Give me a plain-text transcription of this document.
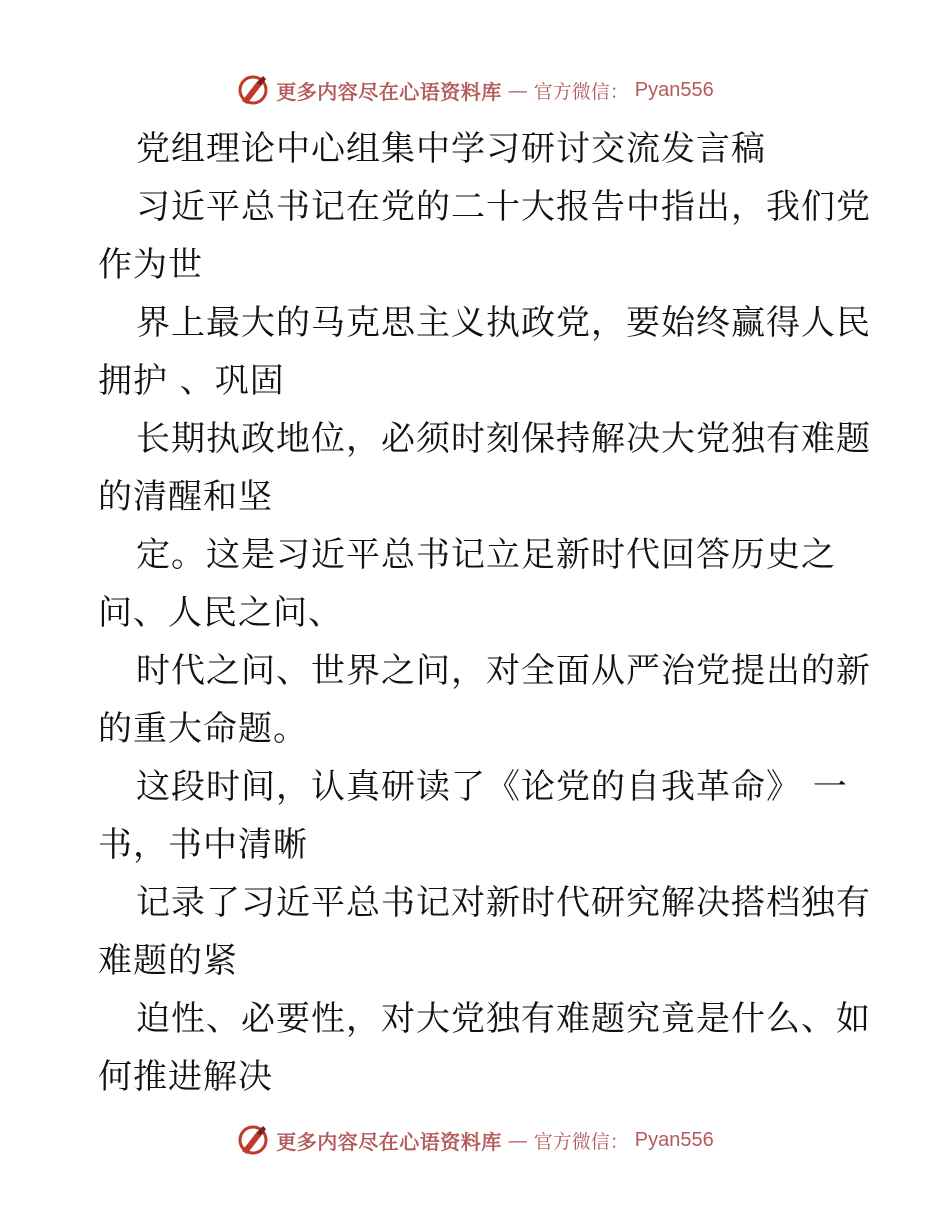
更多内容尽在心语资料库 — 官方微信： Pyan556
党组理论中心组集中学习研讨交流发言稿
习近平总书记在党的二十大报告中指出，我们党
作为世
界上最大的马克思主义执政党，要始终赢得人民
拥护 、巩固
长期执政地位，必须时刻保持解决大党独有难题
的清醒和坚
定。这是习近平总书记立足新时代回答历史之
问、人民之问、
时代之问、世界之问，对全面从严治党提出的新
的重大命题。
这段时间，认真研读了《论党的自我革命》 一
书，书中清晰
记录了习近平总书记对新时代研究解决搭档独有
难题的紧
迫性、必要性，对大党独有难题究竟是什么、如
何推进解决
更多内容尽在心语资料库 — 官方微信： Pyan556
